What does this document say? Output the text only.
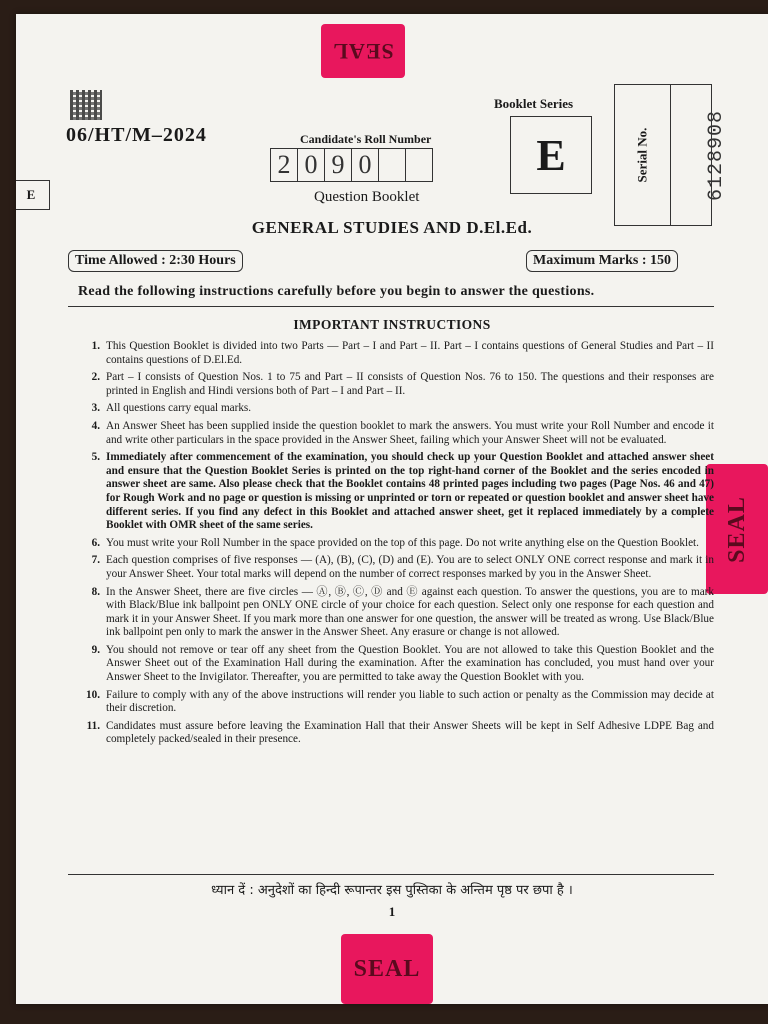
SEAL
SEAL
SEAL
06/HT/M–2024
E
Candidate's Roll Number
2 0 9 0
Question Booklet
Booklet Series
E	Serial No.	6128908
GENERAL STUDIES AND D.El.Ed.
Time Allowed : 2:30 Hours	Maximum Marks : 150
Read the following instructions carefully before you begin to answer the questions.
IMPORTANT INSTRUCTIONS
1. This Question Booklet is divided into two Parts — Part – I and Part – II. Part – I contains questions of General Studies and Part – II contains questions of D.El.Ed.
2. Part – I consists of Question Nos. 1 to 75 and Part – II consists of Question Nos. 76 to 150. The questions and their responses are printed in English and Hindi versions both of Part – I and Part – II.
3. All questions carry equal marks.
4. An Answer Sheet has been supplied inside the question booklet to mark the answers. You must write your Roll Number and encode it and write other particulars in the space provided in the Answer Sheet, failing which your Answer Sheet will not be evaluated.
5. Immediately after commencement of the examination, you should check up your Question Booklet and attached answer sheet and ensure that the Question Booklet Series is printed on the top right-hand corner of the Booklet and the series encoded in answer sheet are same. Also please check that the Booklet contains 48 printed pages including two pages (Page Nos. 46 and 47) for Rough Work and no page or question is missing or unprinted or torn or repeated or question booklet and answer sheet have different series. If you find any defect in this Booklet and attached answer sheet, get it replaced immediately by a complete Booklet with OMR sheet of the same series.
6. You must write your Roll Number in the space provided on the top of this page. Do not write anything else on the Question Booklet.
7. Each question comprises of five responses — (A), (B), (C), (D) and (E). You are to select ONLY ONE correct response and mark it in your Answer Sheet. Your total marks will depend on the number of correct responses marked by you in the Answer Sheet.
8. In the Answer Sheet, there are five circles — Ⓐ, Ⓑ, Ⓒ, Ⓓ and Ⓔ against each question. To answer the questions, you are to mark with Black/Blue ink ballpoint pen ONLY ONE circle of your choice for each question. Select only one response for each question and mark it in your Answer Sheet. If you mark more than one answer for one question, the answer will be treated as wrong. Use Black/Blue ink ballpoint pen only to mark the answer in the Answer Sheet. Any erasure or change is not allowed.
9. You should not remove or tear off any sheet from the Question Booklet. You are not allowed to take this Question Booklet and the Answer Sheet out of the Examination Hall during the examination. After the examination has concluded, you must hand over your Answer Sheet to the Invigilator. Thereafter, you are permitted to take away the Question Booklet with you.
10. Failure to comply with any of the above instructions will render you liable to such action or penalty as the Commission may decide at their discretion.
11. Candidates must assure before leaving the Examination Hall that their Answer Sheets will be kept in Self Adhesive LDPE Bag and completely packed/sealed in their presence.
ध्यान दें : अनुदेशों का हिन्दी रूपान्तर इस पुस्तिका के अन्तिम पृष्ठ पर छपा है ।
1
